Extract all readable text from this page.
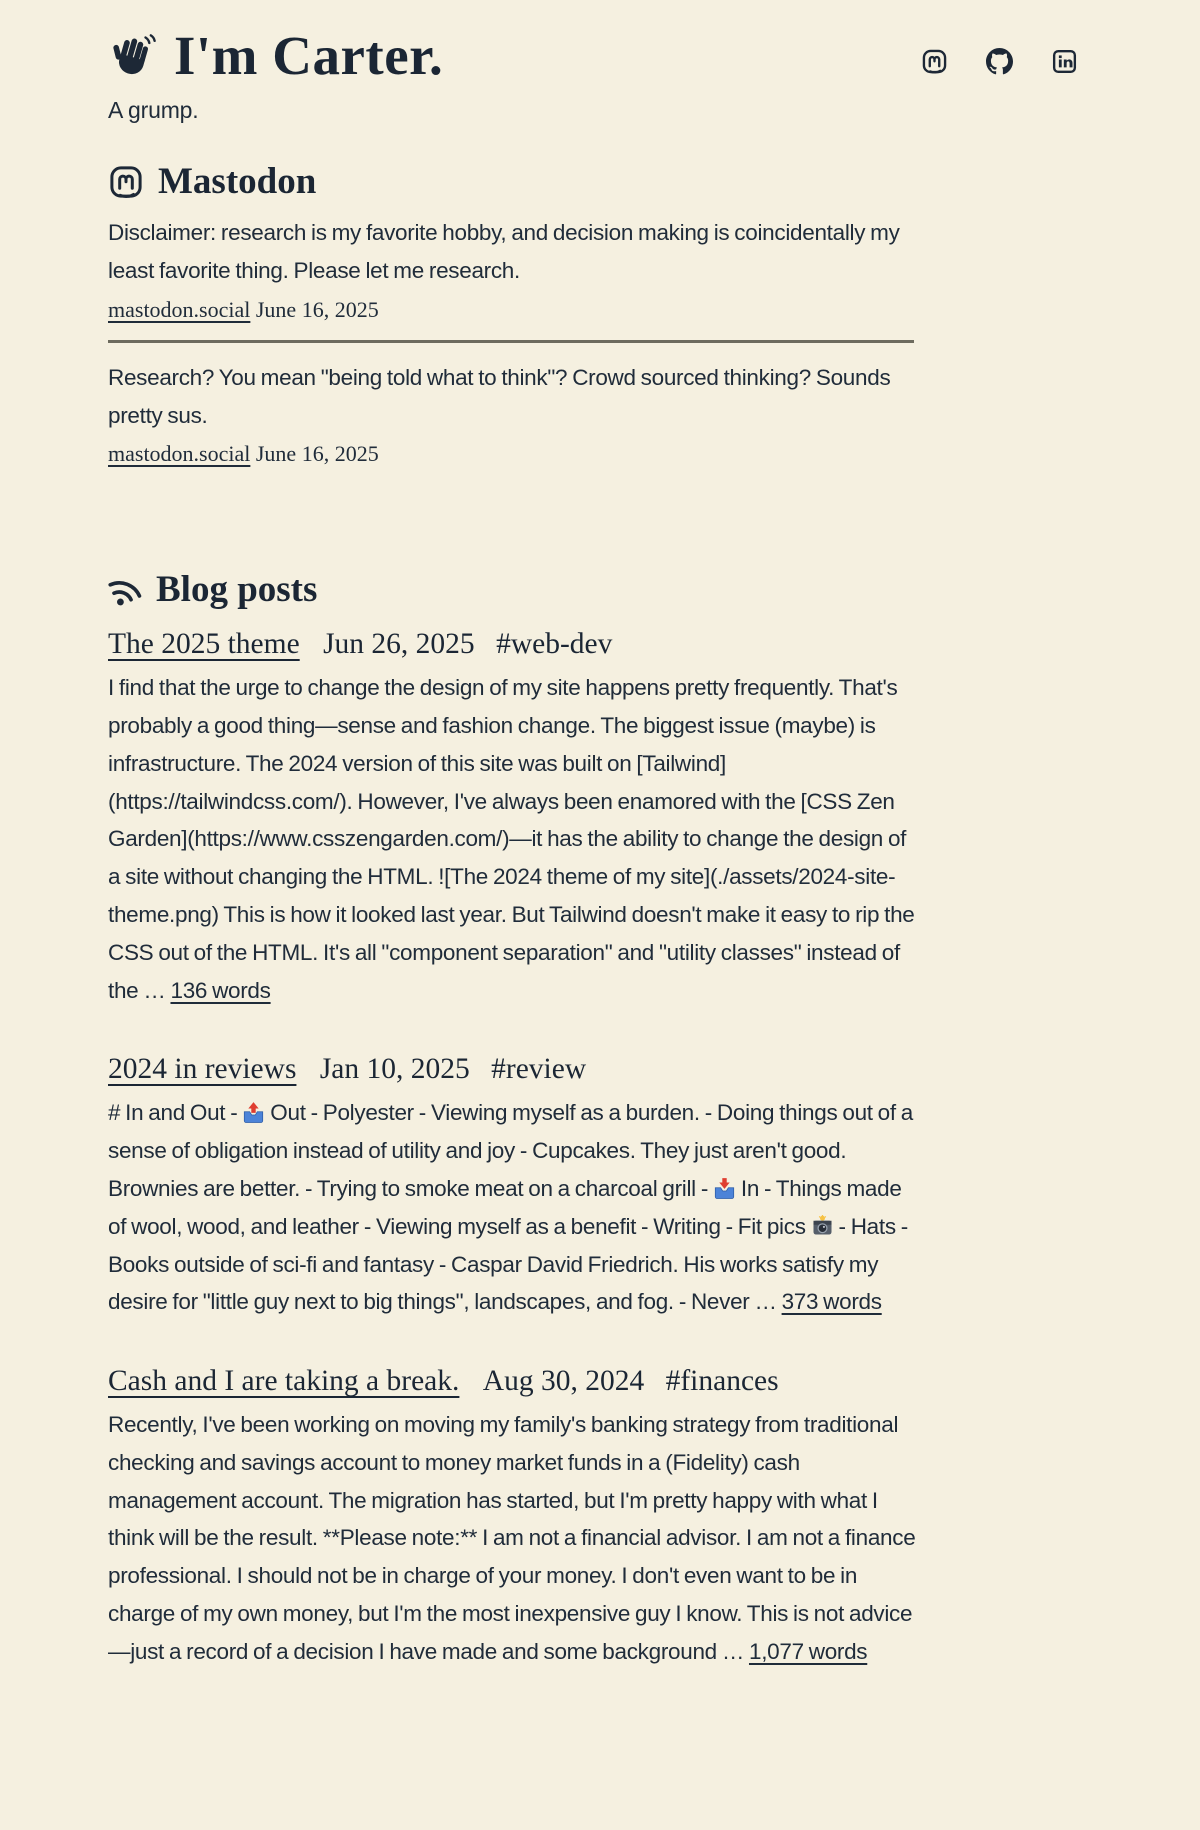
I'm Carter.

A grump.

Mastodon

Disclaimer: research is my favorite hobby, and decision making is coincidentally my least favorite thing. Please let me research.

mastodon.social June 16, 2025

Research? You mean "being told what to think"? Crowd sourced thinking? Sounds pretty sus.

mastodon.social June 16, 2025
Blog posts
The 2025 theme Jun 26, 2025 #web-dev

I find that the urge to change the design of my site happens pretty frequently. That's probably a good thing—sense and fashion change. The biggest issue (maybe) is infrastructure. The 2024 version of this site was built on [Tailwind] (https://tailwindcss.com/). However, I've always been enamored with the [CSS Zen Garden](https://www.csszengarden.com/)—it has the ability to change the design of a site without changing the HTML. ![The 2024 theme of my site](./assets/2024-site-theme.png) This is how it looked last year. But Tailwind doesn't make it easy to rip the CSS out of the HTML. It's all "component separation" and "utility classes" instead of the … 136 words

2024 in reviews Jan 10, 2025 #review

# In and Out -  Out - Polyester - Viewing myself as a burden. - Doing things out of a sense of obligation instead of utility and joy - Cupcakes. They just aren't good. Brownies are better. - Trying to smoke meat on a charcoal grill -  In - Things made of wool, wood, and leather - Viewing myself as a benefit - Writing - Fit pics  - Hats - Books outside of sci-fi and fantasy - Caspar David Friedrich. His works satisfy my desire for "little guy next to big things", landscapes, and fog. - Never … 373 words

Cash and I are taking a break. Aug 30, 2024 #finances

Recently, I've been working on moving my family's banking strategy from traditional checking and savings account to money market funds in a (Fidelity) cash management account. The migration has started, but I'm pretty happy with what I think will be the result. **Please note:** I am not a financial advisor. I am not a finance professional. I should not be in charge of your money. I don't even want to be in charge of my own money, but I'm the most inexpensive guy I know. This is not advice—just a record of a decision I have made and some background … 1,077 words
